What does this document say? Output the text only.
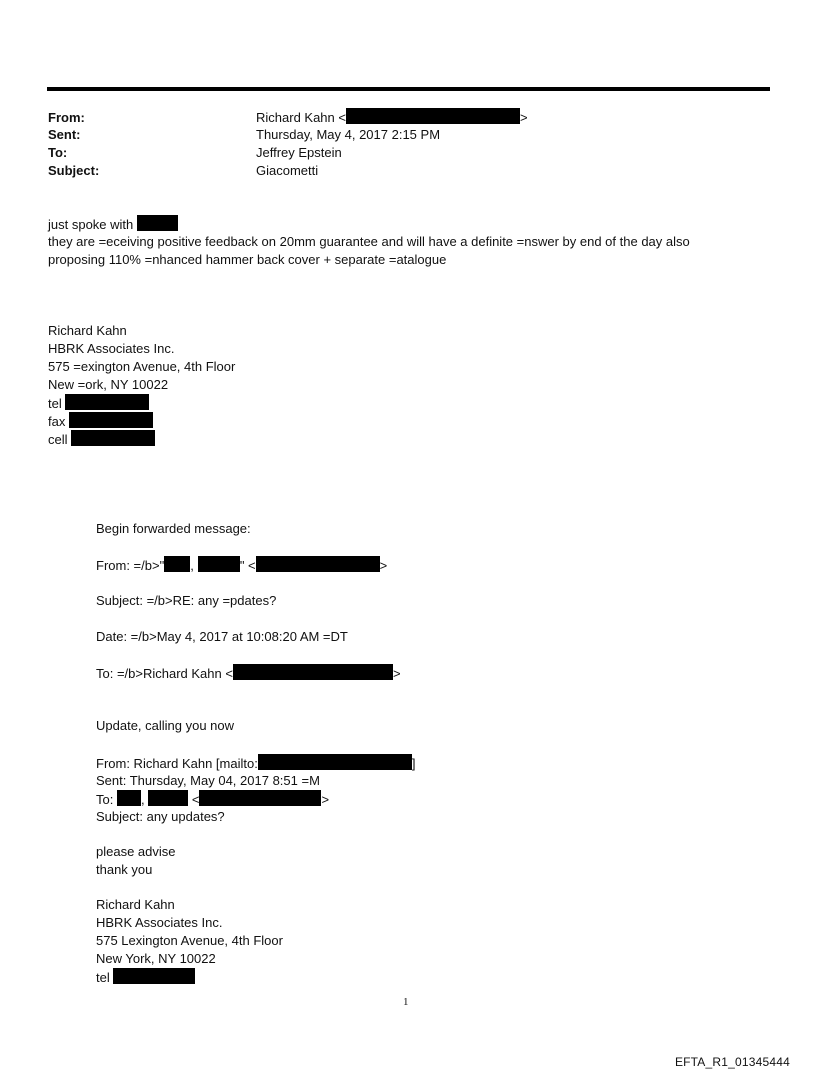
From:	Richard Kahn <	>
Sent:	Thursday, May 4, 2017 2:15 PM
To:	Jeffrey Epstein
Subject:	Giacometti
just spoke with
they are =eceiving positive feedback on 20mm guarantee and will have a definite =nswer by end of the day also
proposing 110% =nhanced hammer back cover + separate =atalogue
Richard Kahn
HBRK Associates Inc.
575 =exington Avenue, 4th Floor
New =ork, NY 10022
tel
fax
cell
Begin forwarded message:
From: =/b>" ,	" <	>
Subject: =/b>RE: any =pdates?
Date: =/b>May 4, 2017 at 10:08:20 AM =DT
To: =/b>Richard Kahn <	>
Update, calling you now
From: Richard Kahn [mailto:	]
Sent: Thursday, May 04, 2017 8:51 =M
To: ,	<	>
Subject: any updates?
please advise
thank you
Richard Kahn
HBRK Associates Inc.
575 Lexington Avenue, 4th Floor
New York, NY 10022
tel
1
EFTA_R1_01345444
